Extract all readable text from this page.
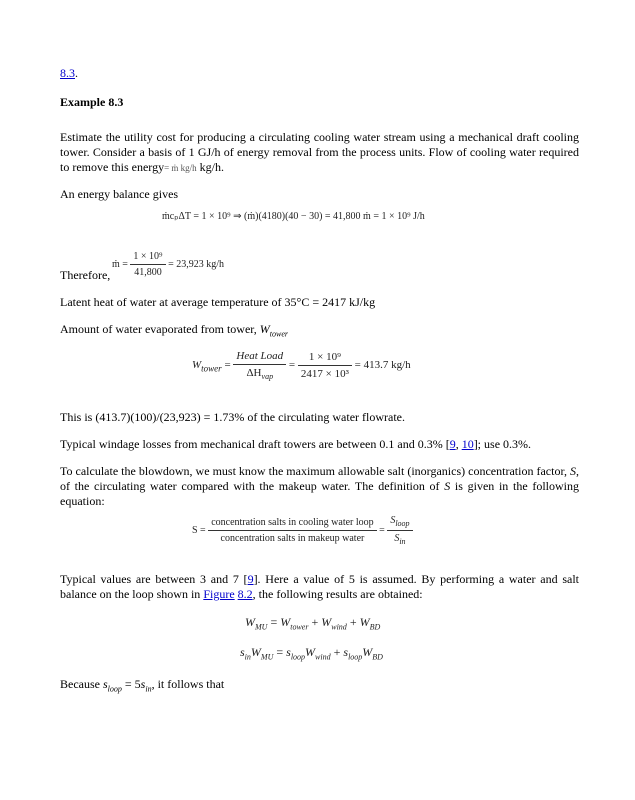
8.3.

Example 8.3

Estimate the utility cost for producing a circulating cooling water stream using a mechanical draft cooling tower. Consider a basis of 1 GJ/h of energy removal from the process units. Flow of cooling water required to remove this energy= ṁ kg/h kg/h.

An energy balance gives

ṁcₚΔT = 1 × 10⁹ ⇒ (ṁ)(4180)(40 − 30) = 41,800 ṁ = 1 × 10⁹ J/h
ṁ = $\frac{\text{1 × 10⁹}}{41,800} = 23,923$ kg/h

Therefore,

Latent heat of water at average temperature of 35°C = 2417 kJ/kg

Amount of water evaporated from tower, $W_{tower}$

$W_{tower} = \frac{\text{Heat Load}}{\Delta H_{vap}} = \frac{\text{1 × 10⁹}}{\text{2417 × 10³}} = 413.7$ kg/h

This is (413.7)(100)/(23,923) = 1.73% of the circulating water flowrate.

Typical windage losses from mechanical draft towers are between 0.1 and 0.3% [9, 10]; use 0.3%.

To calculate the blowdown, we must know the maximum allowable salt (inorganics) concentration factor, S, of the circulating water compared with the makeup water. The definition of S is given in the following equation:

$S = \frac{\text{concentration salts in cooling water loop}}{\text{concentration salts in makeup water}} = \frac{S_{loop}}{S_{in}}$

Typical values are between 3 and 7 [9]. Here a value of 5 is assumed. By performing a water and salt balance on the loop shown in Figure 8.2, the following results are obtained:

$W_{MU} = W_{tower} + W_{wind} + W_{BD}$
$s_{in}W_{MU} = s_{loop}W_{wind} + s_{loop}W_{BD}$

Because $s_{loop} = 5s_{in}$, it follows that
